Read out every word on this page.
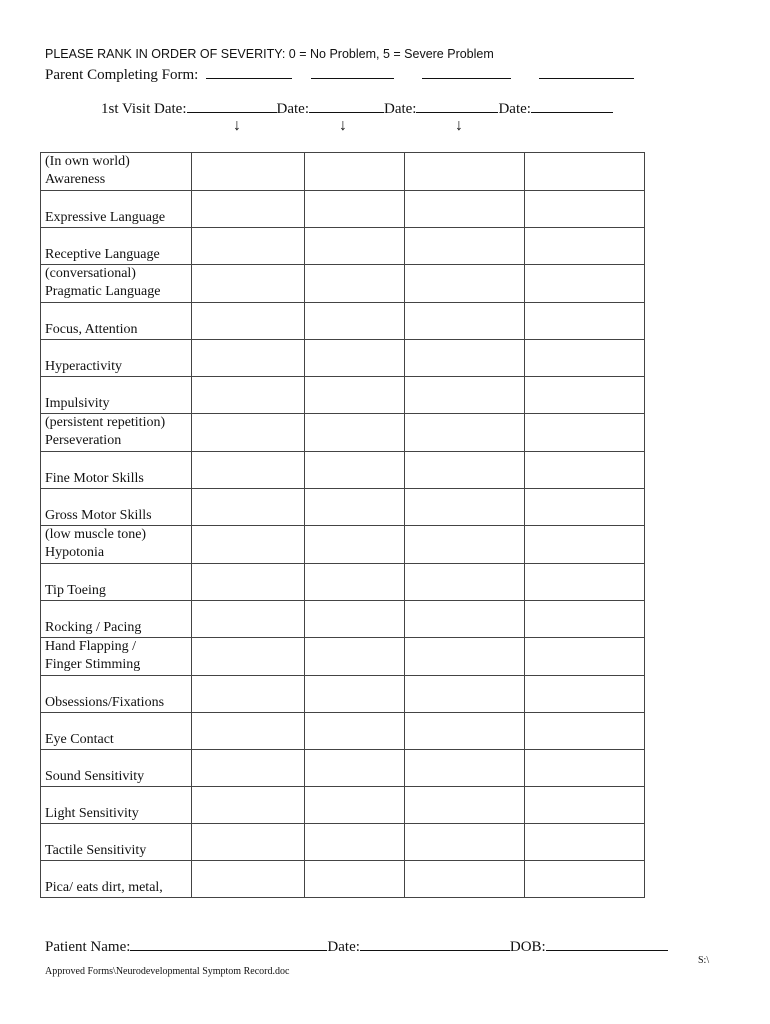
PLEASE RANK IN ORDER OF SEVERITY: 0 = No Problem, 5 = Severe Problem
Parent Completing Form:
1st Visit Date:	Date:	Date:	Date:
↓	↓	↓
(In own world)
Awareness				

Expressive Language				

Receptive Language				

(conversational)
Pragmatic Language				

Focus, Attention				

Hyperactivity				

Impulsivity				

(persistent repetition)
Perseveration				

Fine Motor Skills				

Gross Motor Skills				

(low muscle tone)
Hypotonia				

Tip Toeing				

Rocking / Pacing				

Hand Flapping /
Finger Stimming				

Obsessions/Fixations				

Eye Contact				

Sound Sensitivity				

Light Sensitivity				

Tactile Sensitivity				

Pica/ eats dirt, metal,				

Patient Name:	Date:	DOB:
S:\
Approved Forms\Neurodevelopmental Symptom Record.doc
